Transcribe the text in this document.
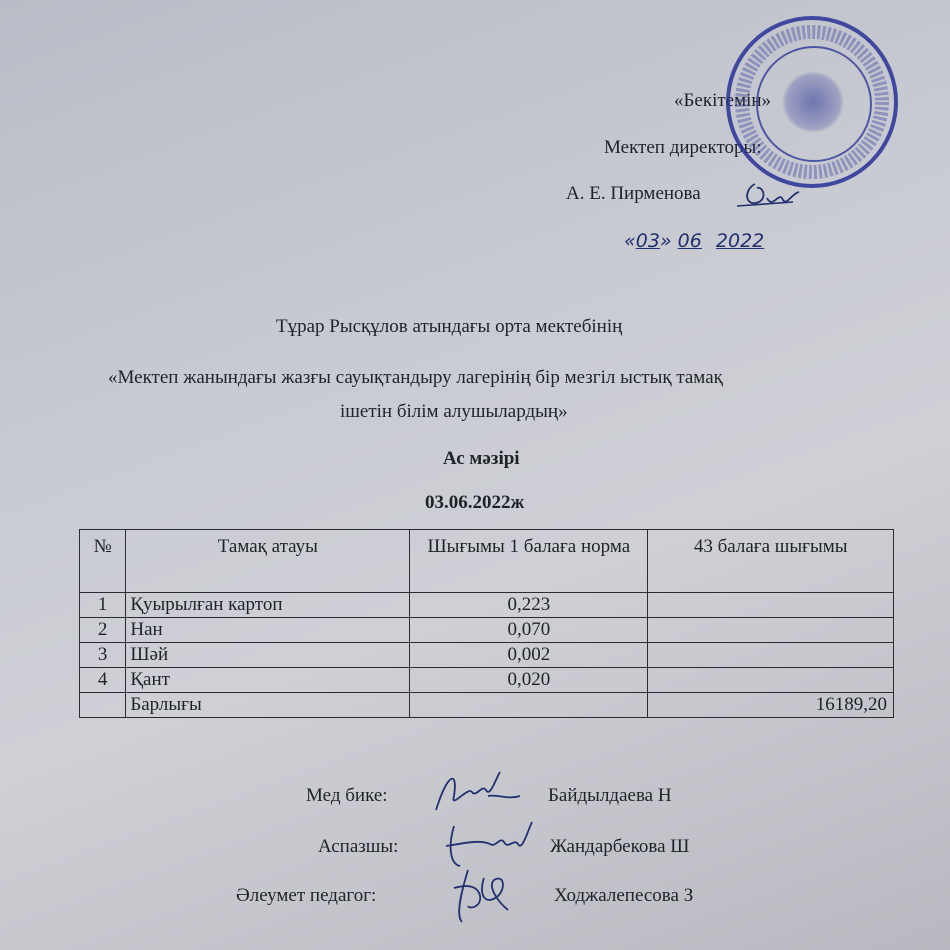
«Бекітемін»
Мектеп директоры:
А. Е. Пирменова
«03» 06 2022
Тұрар Рысқұлов атындағы орта мектебінің
«Мектеп жанындағы жазғы сауықтандыру лагерінің бір мезгіл ыстық тамақ
ішетін білім алушылардың»
Ас мәзірі
03.06.2022ж
№	Тамақ атауы	Шығымы 1 балаға норма	43 балаға шығымы
1	Қуырылған картоп	0,223	
2	Нан	0,070	
3	Шәй	0,002	
4	Қант	0,020	
	Барлығы		16189,20
Мед бике:	Байдылдаева Н
Аспазшы:	Жандарбекова Ш
Әлеумет педагог:	Ходжалепесова З
